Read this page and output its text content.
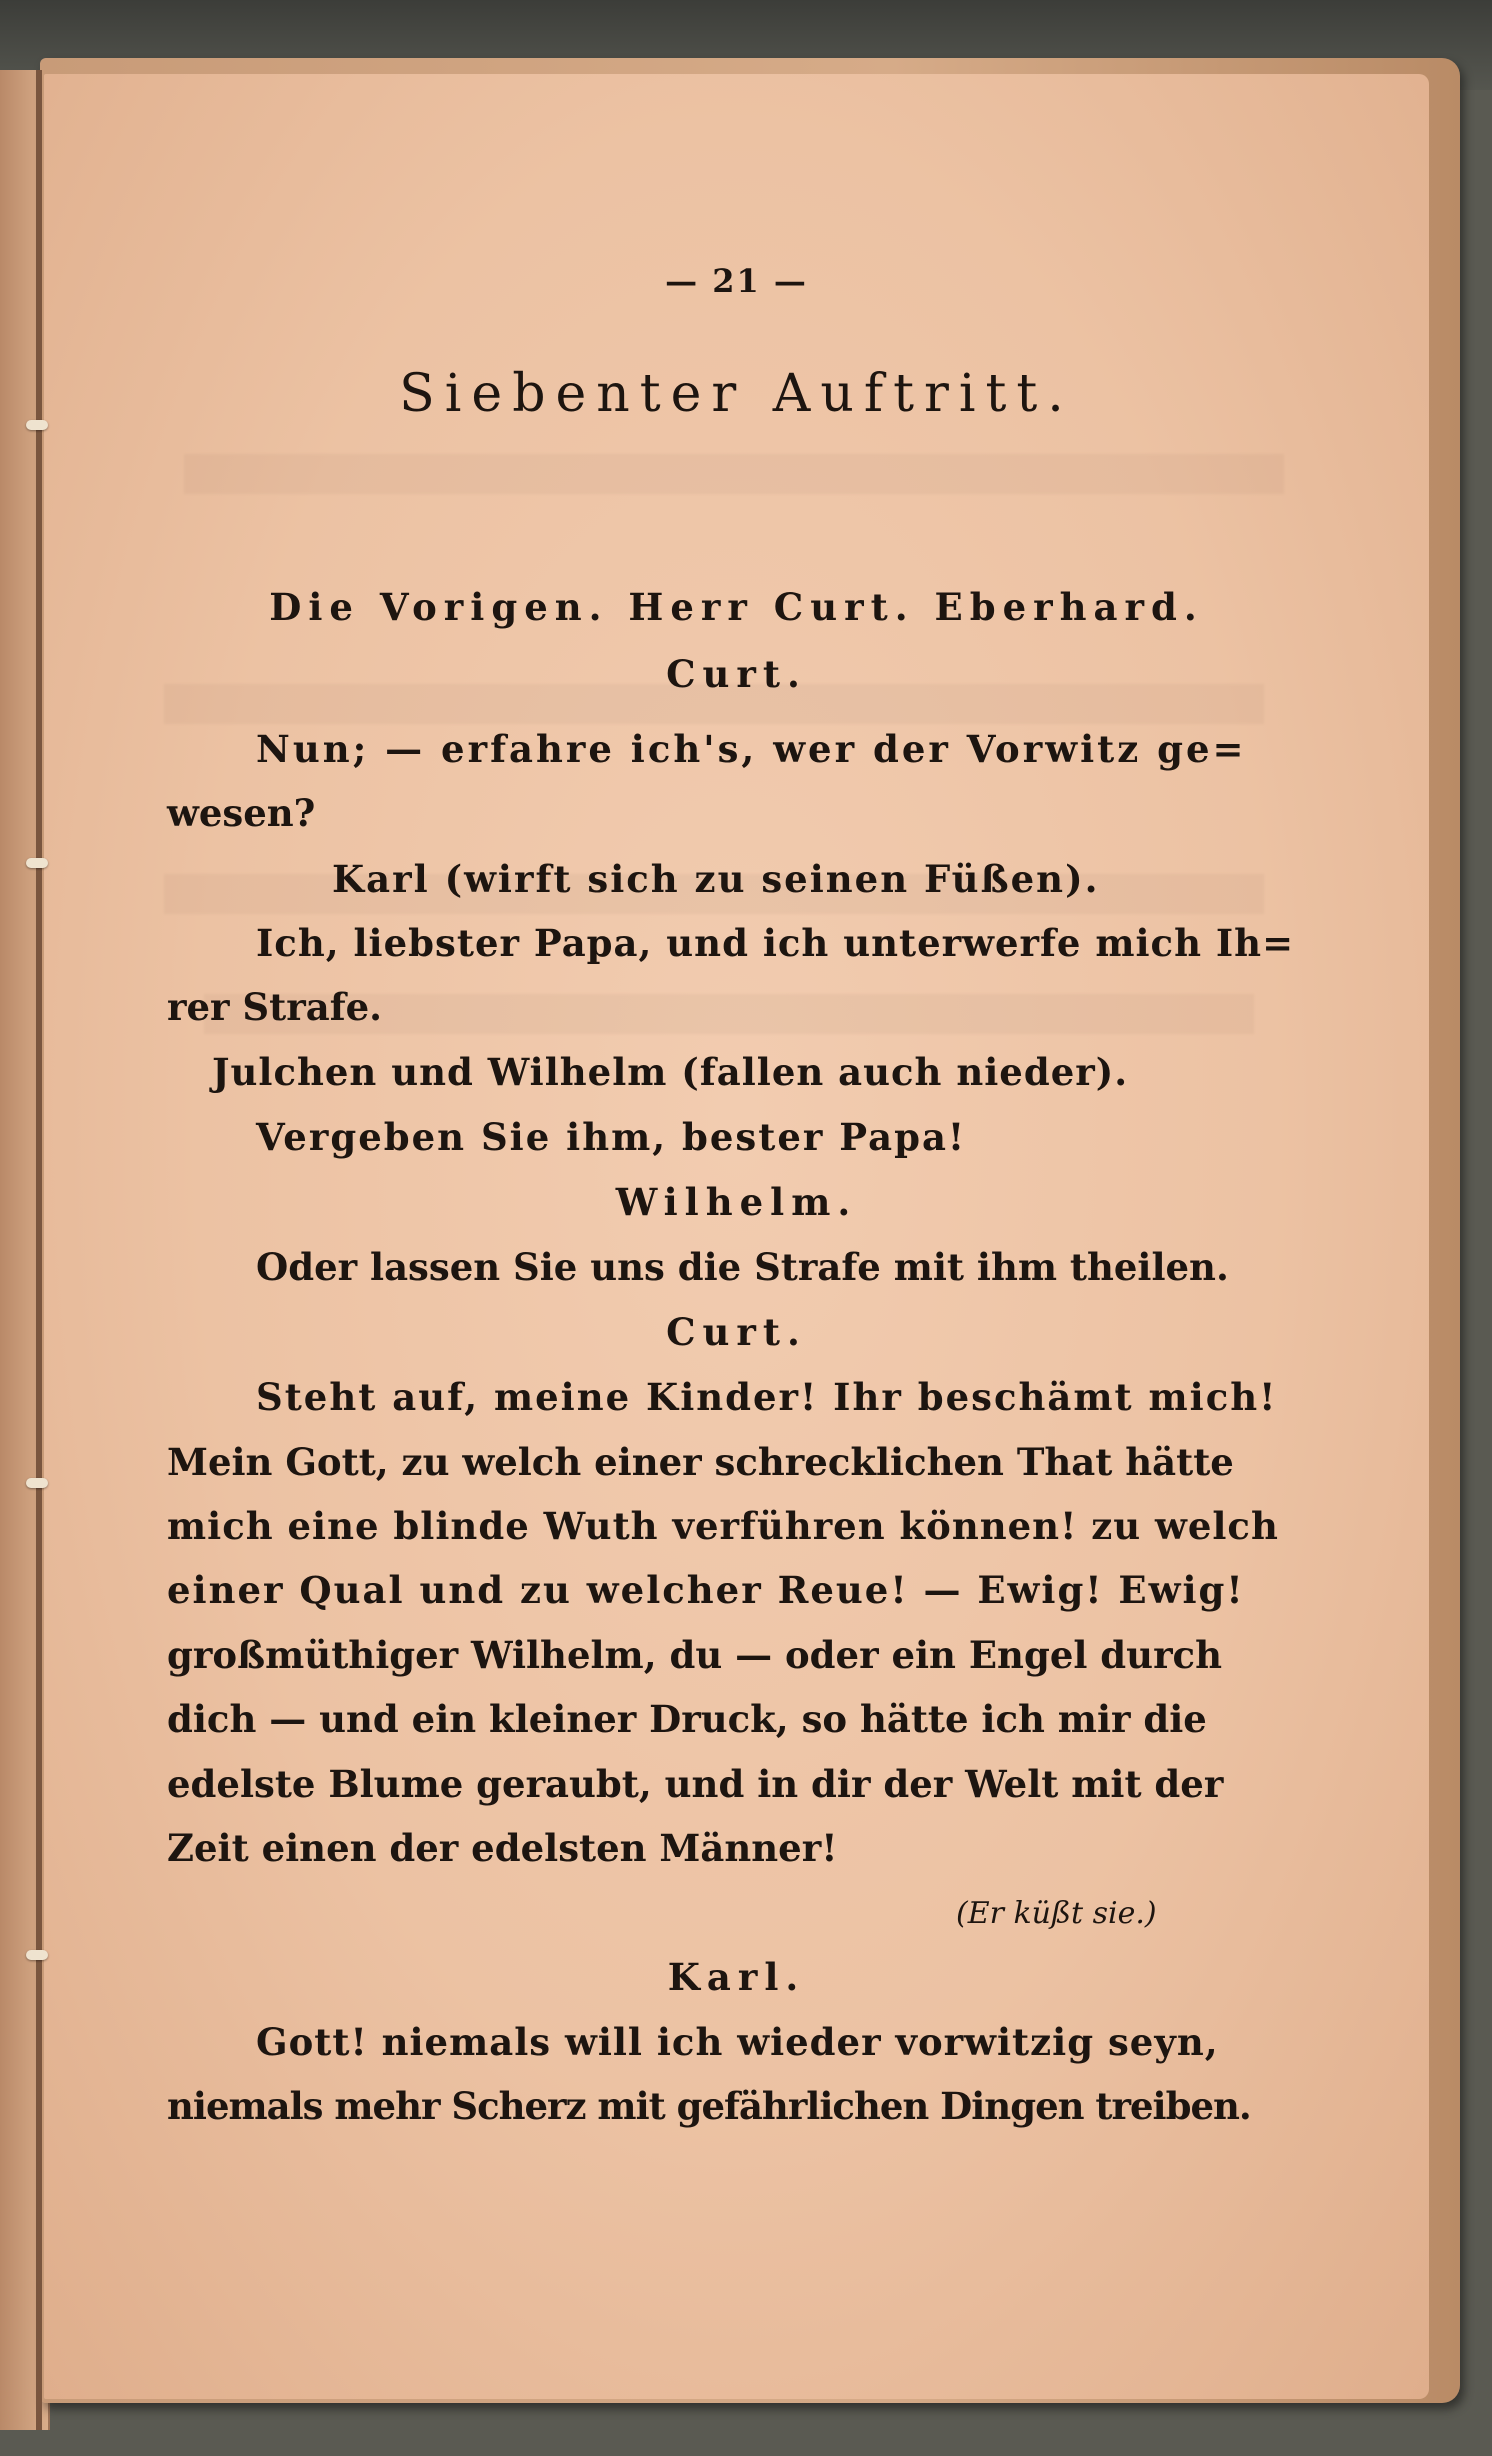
— 21 —
Siebenter Auftritt.
Die Vorigen. Herr Curt. Eberhard.
Curt.
Nun; — erfahre ich's, wer der Vorwitz ge=
wesen?
Karl (wirft sich zu seinen Füßen).
Ich, liebster Papa, und ich unterwerfe mich Ih=
rer Strafe.
Julchen und Wilhelm (fallen auch nieder).
Vergeben Sie ihm, bester Papa!
Wilhelm.
Oder lassen Sie uns die Strafe mit ihm theilen.
Curt.
Steht auf, meine Kinder! Ihr beschämt mich!
Mein Gott, zu welch einer schrecklichen That hätte
mich eine blinde Wuth verführen können! zu welch
einer Qual und zu welcher Reue! — Ewig! Ewig!
großmüthiger Wilhelm, du — oder ein Engel durch
dich — und ein kleiner Druck, so hätte ich mir die
edelste Blume geraubt, und in dir der Welt mit der
Zeit einen der edelsten Männer!
(Er küßt sie.)
Karl.
Gott! niemals will ich wieder vorwitzig seyn,
niemals mehr Scherz mit gefährlichen Dingen treiben.
